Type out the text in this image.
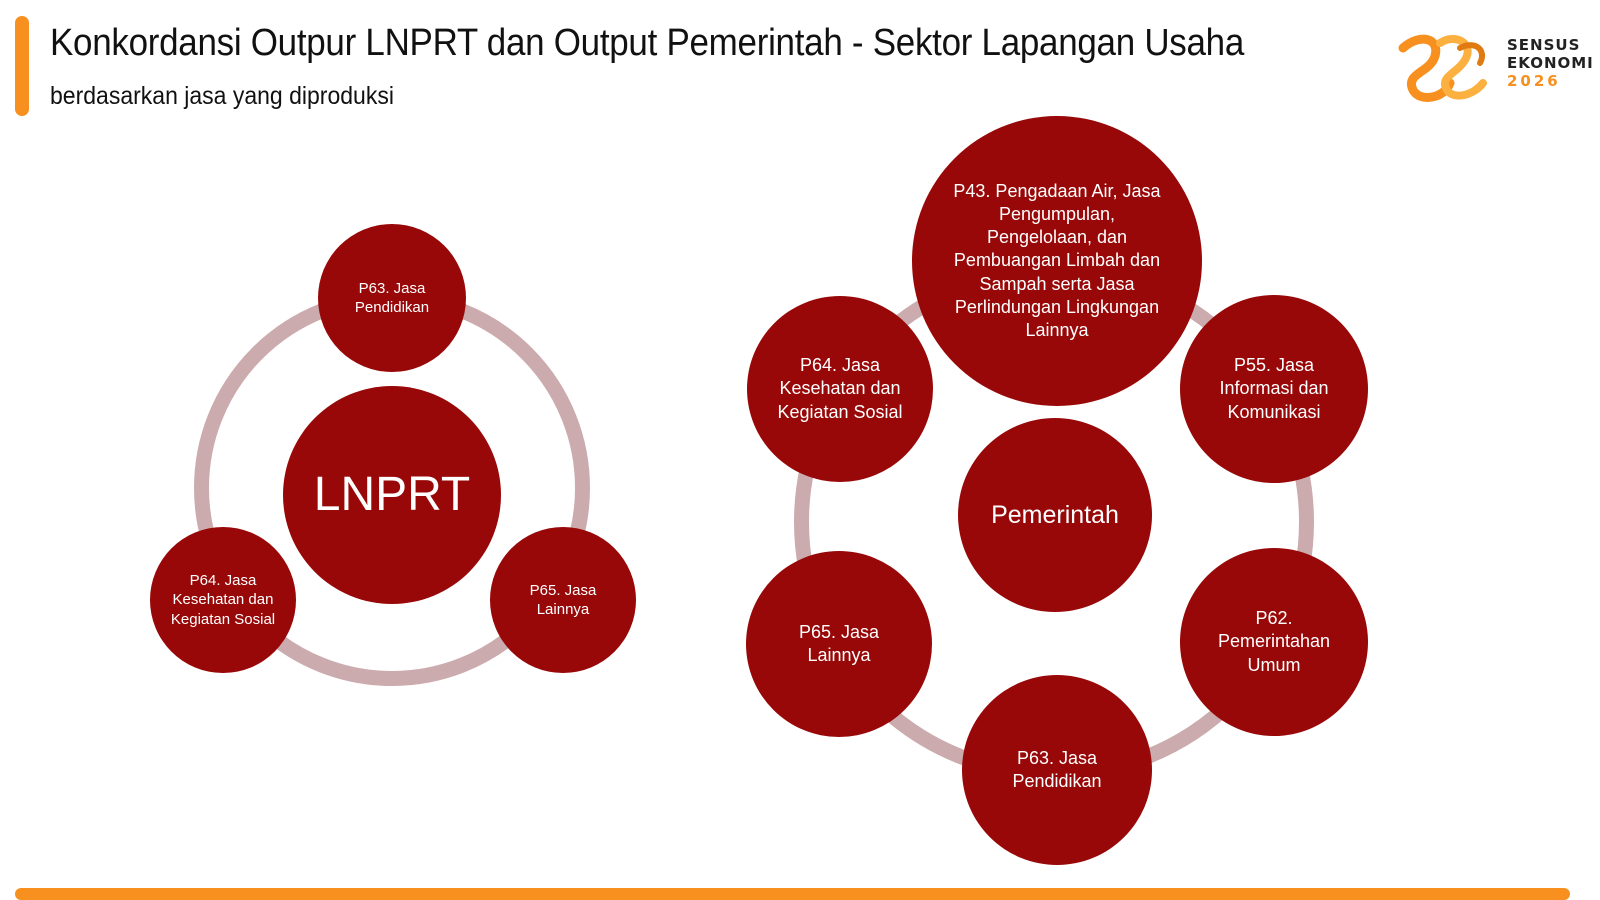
Konkordansi Outpur LNPRT dan Output Pemerintah - Sektor Lapangan Usaha

berdasarkan jasa yang diproduksi

SENSUS
EKONOMI
2026
LNPRT
P63. Jasa Pendidikan
P65. Jasa Lainnya
P64. Jasa Kesehatan dan Kegiatan Sosial
Pemerintah
P43. Pengadaan Air, Jasa Pengumpulan, Pengelolaan, dan Pembuangan Limbah dan Sampah serta Jasa Perlindungan Lingkungan Lainnya
P55. Jasa Informasi dan Komunikasi
P62. Pemerintahan Umum
P63. Jasa Pendidikan
P65. Jasa Lainnya
P64. Jasa Kesehatan dan Kegiatan Sosial
